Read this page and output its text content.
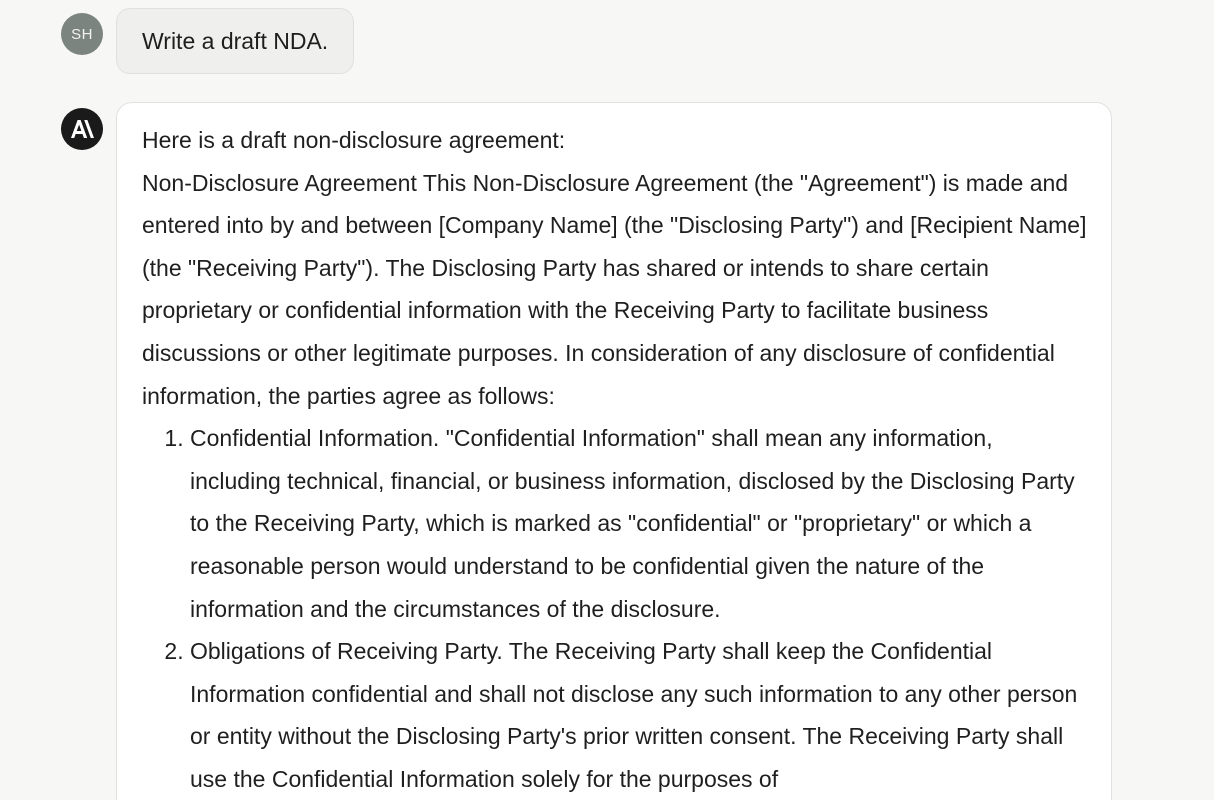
SH Write a draft NDA.

Here is a draft non-disclosure agreement:

Non-Disclosure Agreement This Non-Disclosure Agreement (the "Agreement") is made and entered into by and between [Company Name] (the "Disclosing Party") and [Recipient Name] (the "Receiving Party"). The Disclosing Party has shared or intends to share certain proprietary or confidential information with the Receiving Party to facilitate business discussions or other legitimate purposes. In consideration of any disclosure of confidential information, the parties agree as follows:

1. Confidential Information. "Confidential Information" shall mean any information, including technical, financial, or business information, disclosed by the Disclosing Party to the Receiving Party, which is marked as "confidential" or "proprietary" or which a reasonable person would understand to be confidential given the nature of the information and the circumstances of the disclosure.
2. Obligations of Receiving Party. The Receiving Party shall keep the Confidential Information confidential and shall not disclose any such information to any other person or entity without the Disclosing Party's prior written consent. The Receiving Party shall use the Confidential Information solely for the purposes of
